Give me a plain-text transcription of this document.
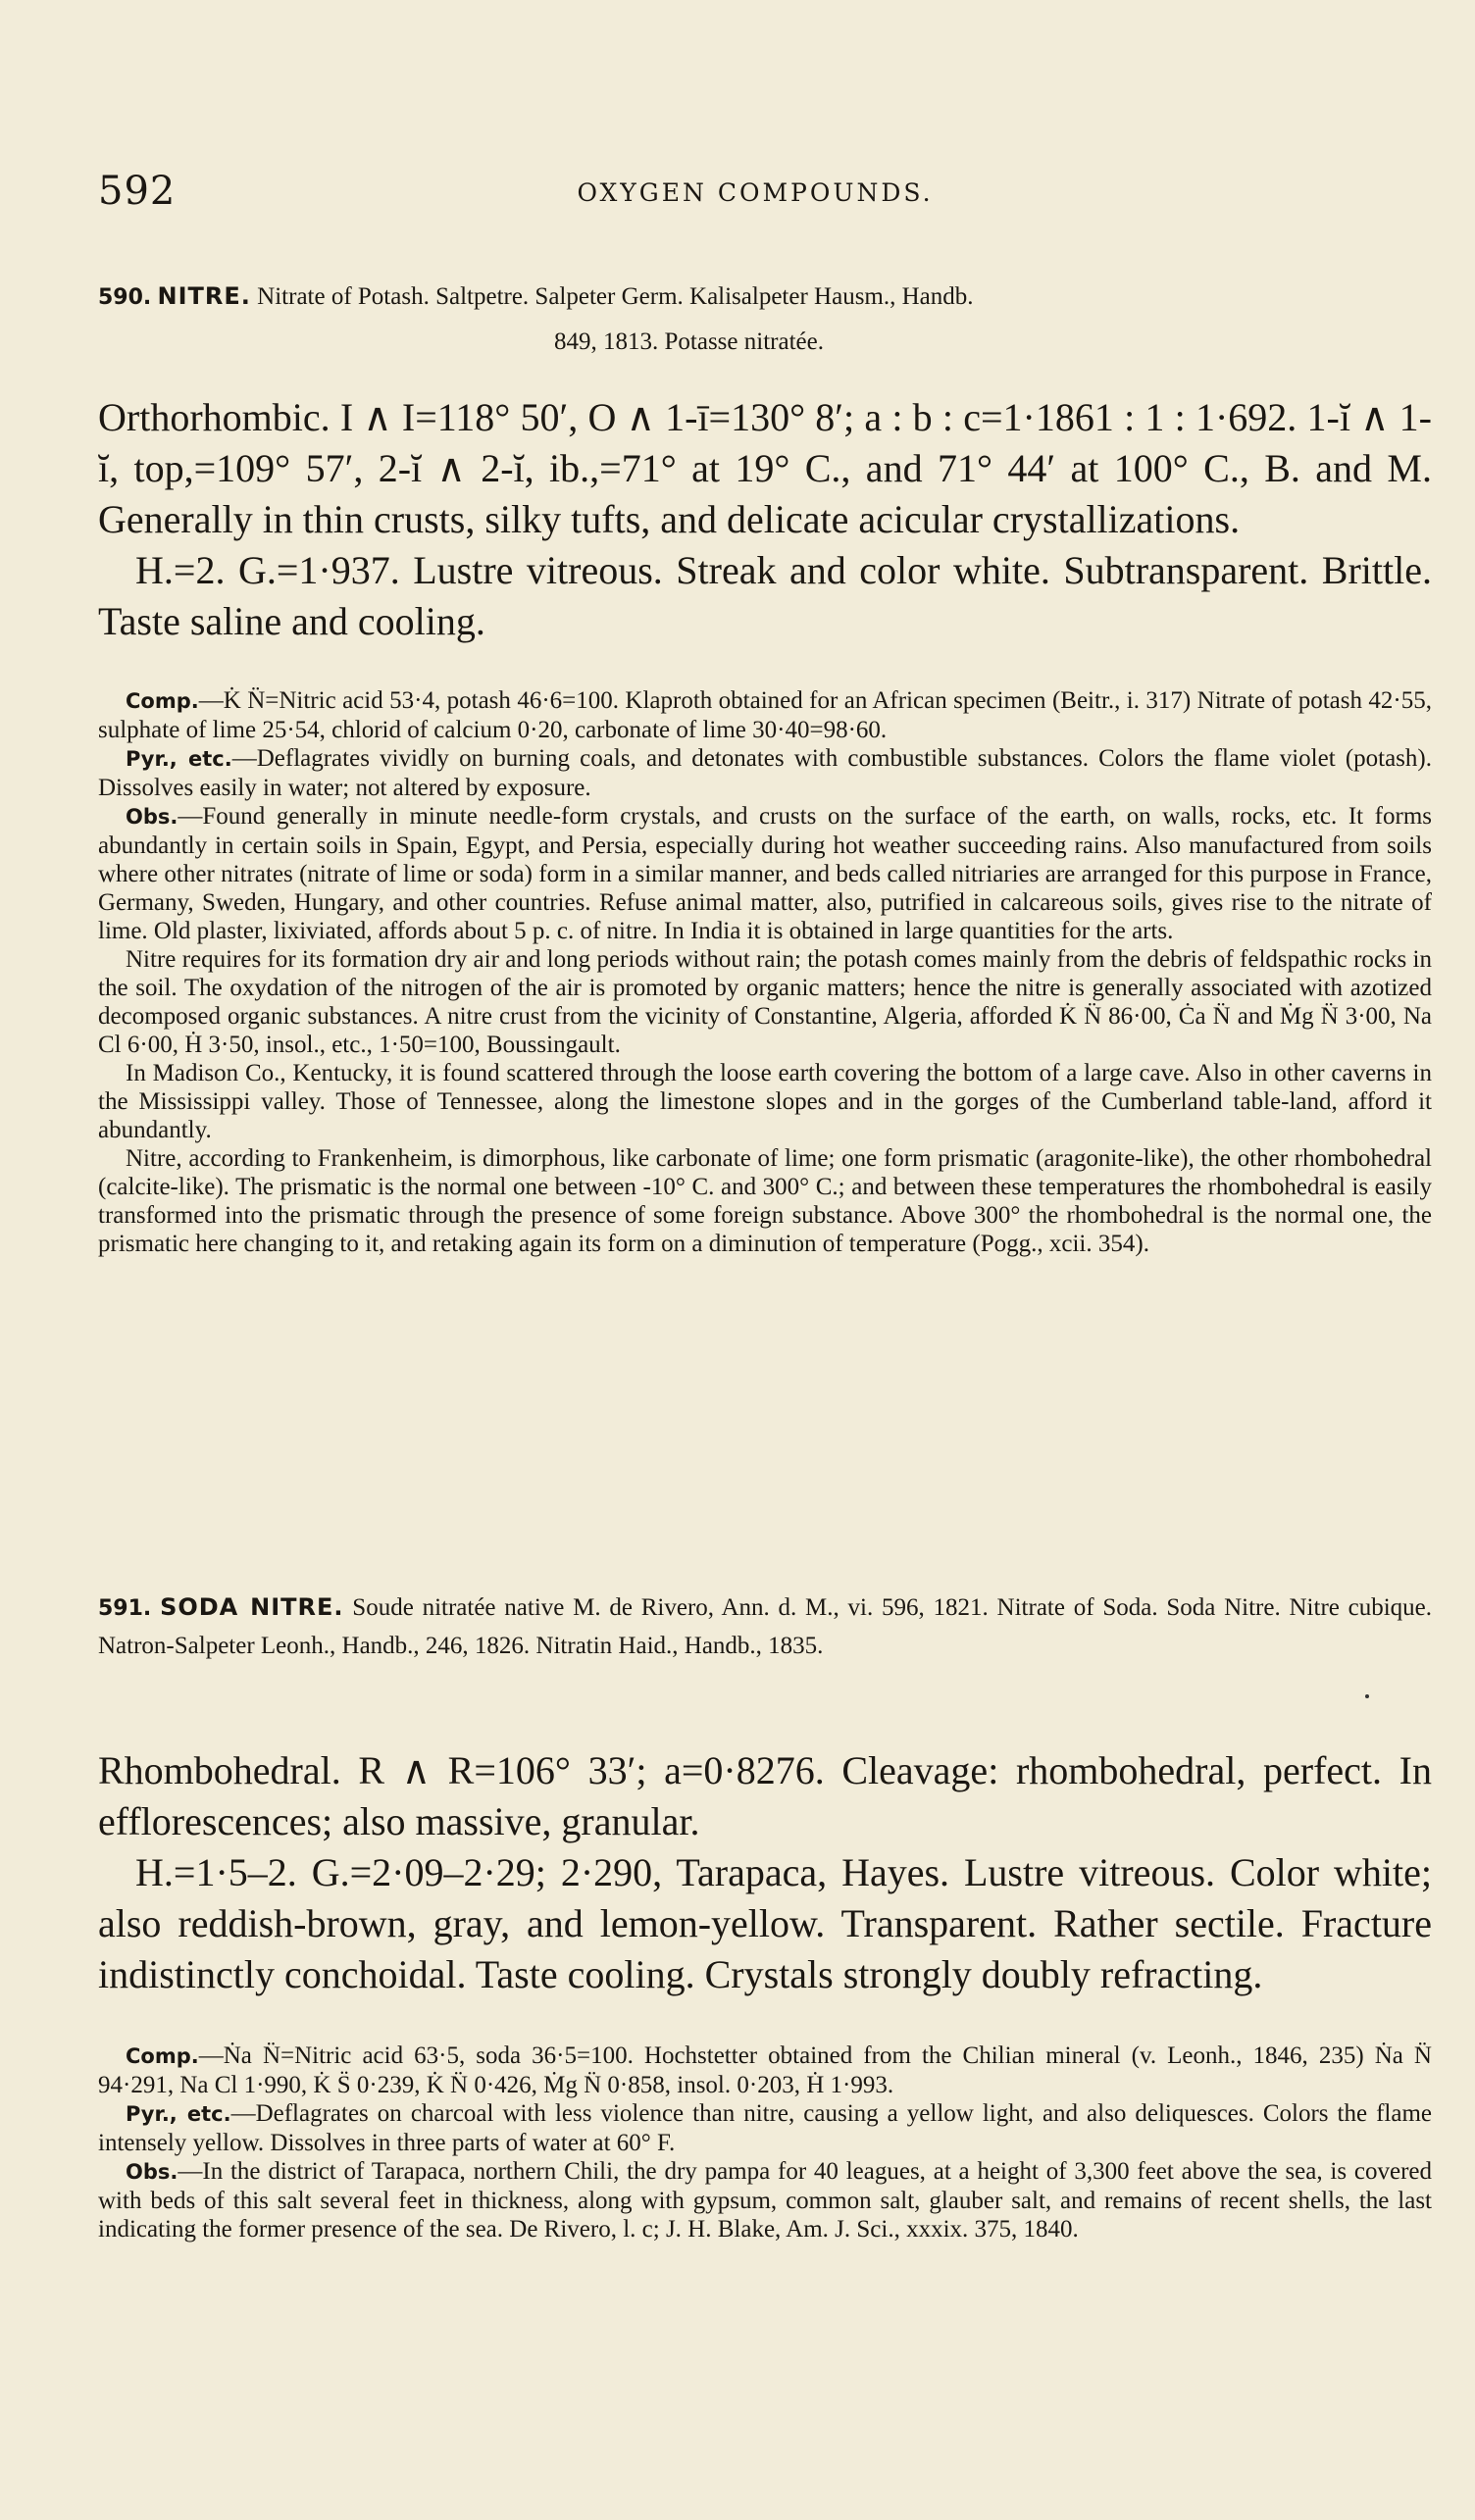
592	OXYGEN COMPOUNDS.
590. NITRE. Nitrate of Potash. Saltpetre. Salpeter Germ. Kalisalpeter Hausm., Handb.
849, 1813. Potasse nitratée.

Orthorhombic. I ∧ I=118° 50′, O ∧ 1-ī=130° 8′; a : b : c=1·1861 : 1 : 1·692. 1-ĭ ∧ 1-ĭ, top,=109° 57′, 2-ĭ ∧ 2-ĭ, ib.,=71° at 19° C., and 71° 44′ at 100° C., B. and M. Generally in thin crusts, silky tufts, and delicate acicular crystallizations.

H.=2. G.=1·937. Lustre vitreous. Streak and color white. Subtransparent. Brittle. Taste saline and cooling.

Comp.—K̇ N̈=Nitric acid 53·4, potash 46·6=100. Klaproth obtained for an African specimen (Beitr., i. 317) Nitrate of potash 42·55, sulphate of lime 25·54, chlorid of calcium 0·20, carbonate of lime 30·40=98·60.

Pyr., etc.—Deflagrates vividly on burning coals, and detonates with combustible substances. Colors the flame violet (potash). Dissolves easily in water; not altered by exposure.

Obs.—Found generally in minute needle-form crystals, and crusts on the surface of the earth, on walls, rocks, etc. It forms abundantly in certain soils in Spain, Egypt, and Persia, especially during hot weather succeeding rains. Also manufactured from soils where other nitrates (nitrate of lime or soda) form in a similar manner, and beds called nitriaries are arranged for this purpose in France, Germany, Sweden, Hungary, and other countries. Refuse animal matter, also, putrified in calcareous soils, gives rise to the nitrate of lime. Old plaster, lixiviated, affords about 5 p. c. of nitre. In India it is obtained in large quantities for the arts.

Nitre requires for its formation dry air and long periods without rain; the potash comes mainly from the debris of feldspathic rocks in the soil. The oxydation of the nitrogen of the air is promoted by organic matters; hence the nitre is generally associated with azotized decomposed organic substances. A nitre crust from the vicinity of Constantine, Algeria, afforded K̇ N̈ 86·00, Ċa N̈ and Ṁg N̈ 3·00, Na Cl 6·00, Ḣ 3·50, insol., etc., 1·50=100, Boussingault.

In Madison Co., Kentucky, it is found scattered through the loose earth covering the bottom of a large cave. Also in other caverns in the Mississippi valley. Those of Tennessee, along the limestone slopes and in the gorges of the Cumberland table-land, afford it abundantly.

Nitre, according to Frankenheim, is dimorphous, like carbonate of lime; one form prismatic (aragonite-like), the other rhombohedral (calcite-like). The prismatic is the normal one between -10° C. and 300° C.; and between these temperatures the rhombohedral is easily transformed into the prismatic through the presence of some foreign substance. Above 300° the rhombohedral is the normal one, the prismatic here changing to it, and retaking again its form on a diminution of temperature (Pogg., xcii. 354).

591. SODA NITRE. Soude nitratée native M. de Rivero, Ann. d. M., vi. 596, 1821. Nitrate of Soda. Soda Nitre. Nitre cubique. Natron-Salpeter Leonh., Handb., 246, 1826. Nitratin Haid., Handb., 1835.

Rhombohedral. R ∧ R=106° 33′; a=0·8276. Cleavage: rhombohedral, perfect. In efflorescences; also massive, granular.

H.=1·5–2. G.=2·09–2·29; 2·290, Tarapaca, Hayes. Lustre vitreous. Color white; also reddish-brown, gray, and lemon-yellow. Transparent. Rather sectile. Fracture indistinctly conchoidal. Taste cooling. Crystals strongly doubly refracting.

Comp.—Ṅa N̈=Nitric acid 63·5, soda 36·5=100. Hochstetter obtained from the Chilian mineral (v. Leonh., 1846, 235) Ṅa N̈ 94·291, Na Cl 1·990, K̇ S̈ 0·239, K̇ N̈ 0·426, Ṁg N̈ 0·858, insol. 0·203, Ḣ 1·993.

Pyr., etc.—Deflagrates on charcoal with less violence than nitre, causing a yellow light, and also deliquesces. Colors the flame intensely yellow. Dissolves in three parts of water at 60° F.

Obs.—In the district of Tarapaca, northern Chili, the dry pampa for 40 leagues, at a height of 3,300 feet above the sea, is covered with beds of this salt several feet in thickness, along with gypsum, common salt, glauber salt, and remains of recent shells, the last indicating the former presence of the sea. De Rivero, l. c; J. H. Blake, Am. J. Sci., xxxix. 375, 1840.
